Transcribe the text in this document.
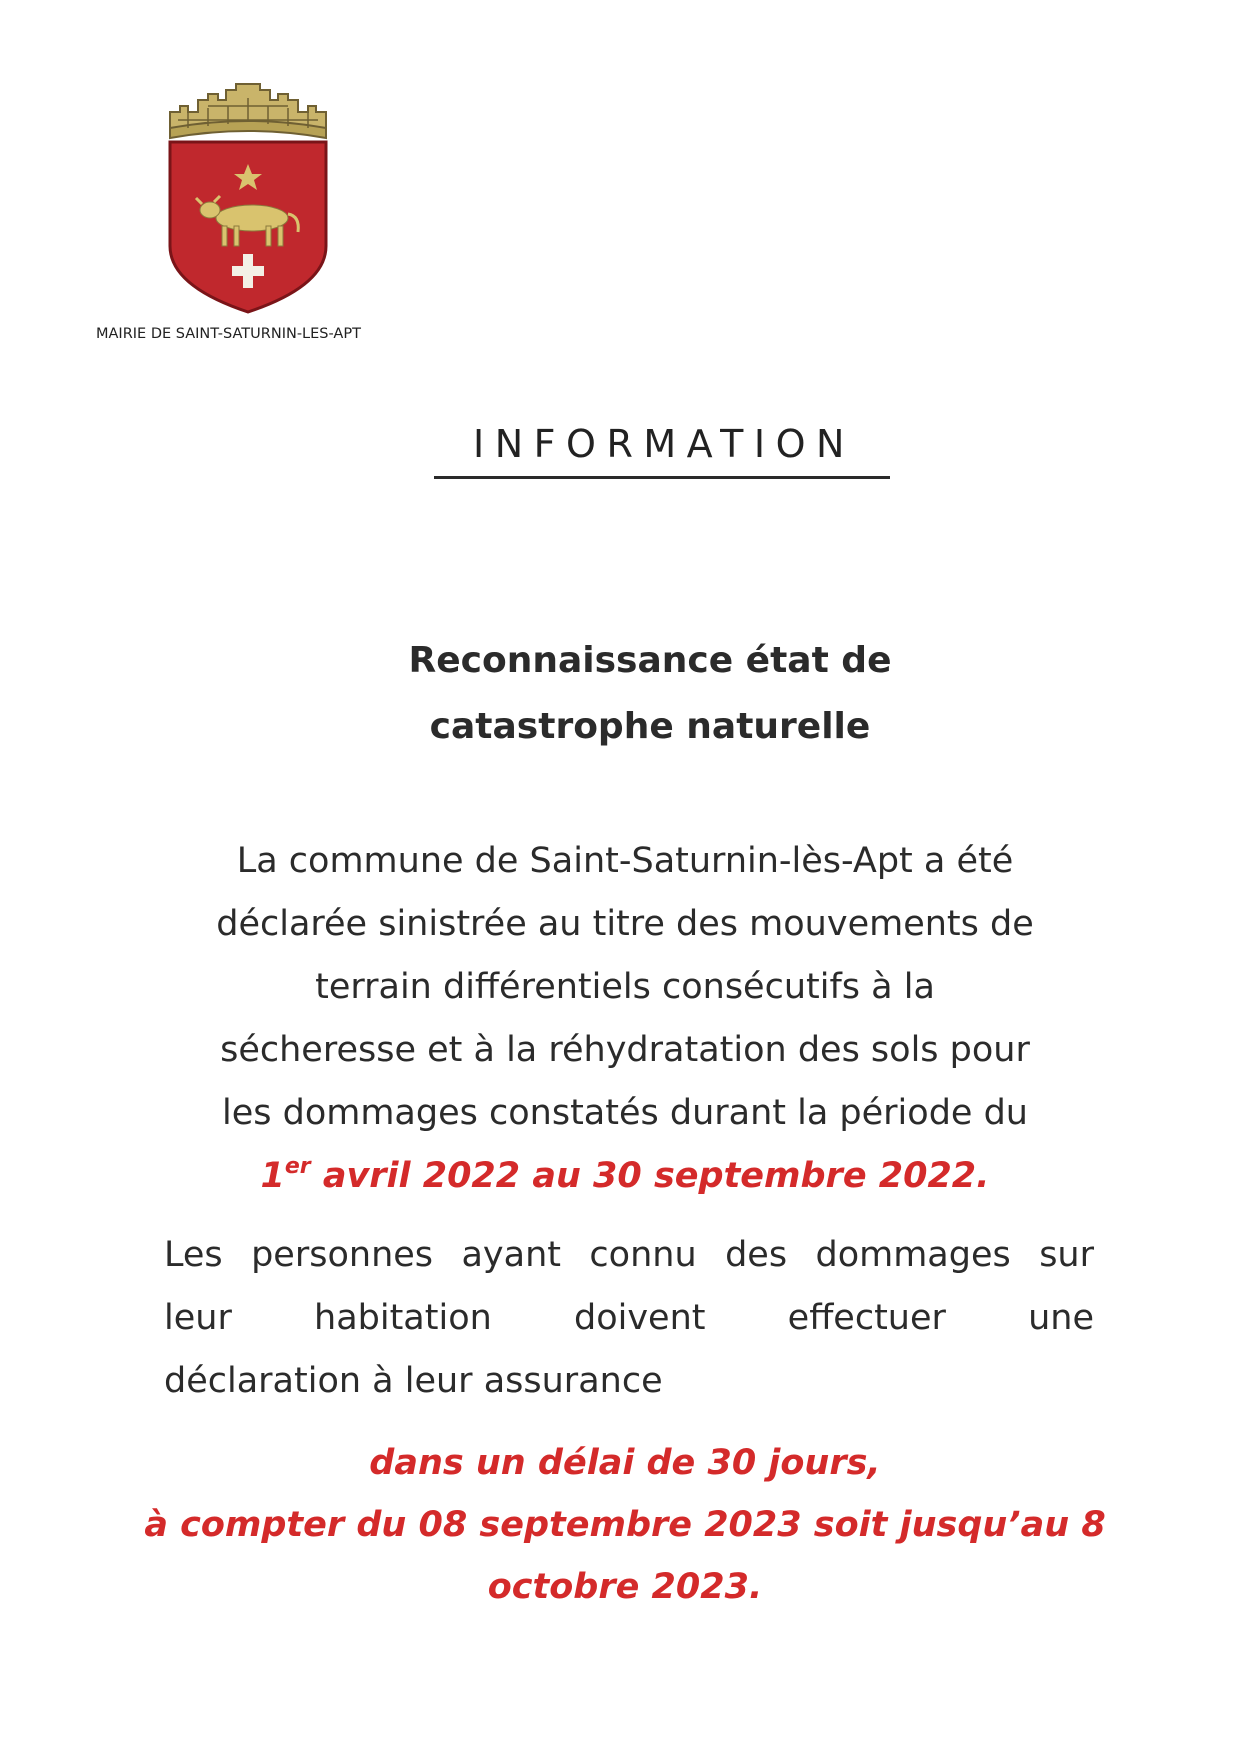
MAIRIE DE SAINT-SATURNIN-LES-APT
INFORMATION
Reconnaissance état de
catastrophe naturelle
La commune de Saint-Saturnin-lès-Apt a été
déclarée sinistrée au titre des mouvements de
terrain différentiels consécutifs à la
sécheresse et à la réhydratation des sols pour
les dommages constatés durant la période du
1er avril 2022 au 30 septembre 2022.
Les personnes ayant connu des dommages sur
leur habitation doivent effectuer une
déclaration à leur assurance
dans un délai de 30 jours,
à compter du 08 septembre 2023 soit jusqu’au 8
octobre 2023.
